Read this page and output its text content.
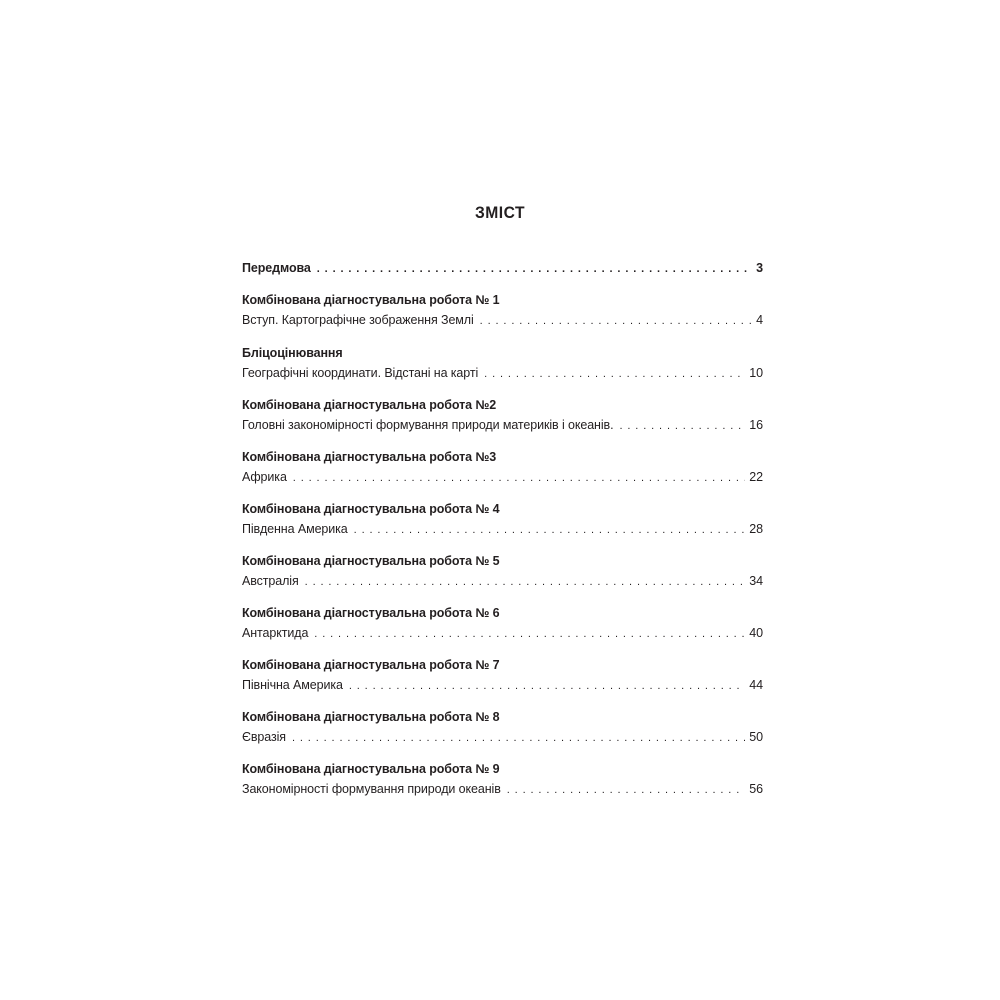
ЗМІСТ
Передмова . . .	3
Комбінована діагностувальна робота № 1
Вступ. Картографічне зображення Землі . . .	4
Бліцоцінювання
Географічні координати. Відстані на карті . . .	10
Комбінована діагностувальна робота №2
Головні закономірності формування природи материків і океанів. . . .	16
Комбінована діагностувальна робота №3
Африка . . .	22
Комбінована діагностувальна робота № 4
Південна Америка . . .	28
Комбінована діагностувальна робота № 5
Австралія . . .	34
Комбінована діагностувальна робота № 6
Антарктида . . .	40
Комбінована діагностувальна робота № 7
Північна Америка . . .	44
Комбінована діагностувальна робота № 8
Євразія . . .	50
Комбінована діагностувальна робота № 9
Закономірності формування природи океанів . . .	56
